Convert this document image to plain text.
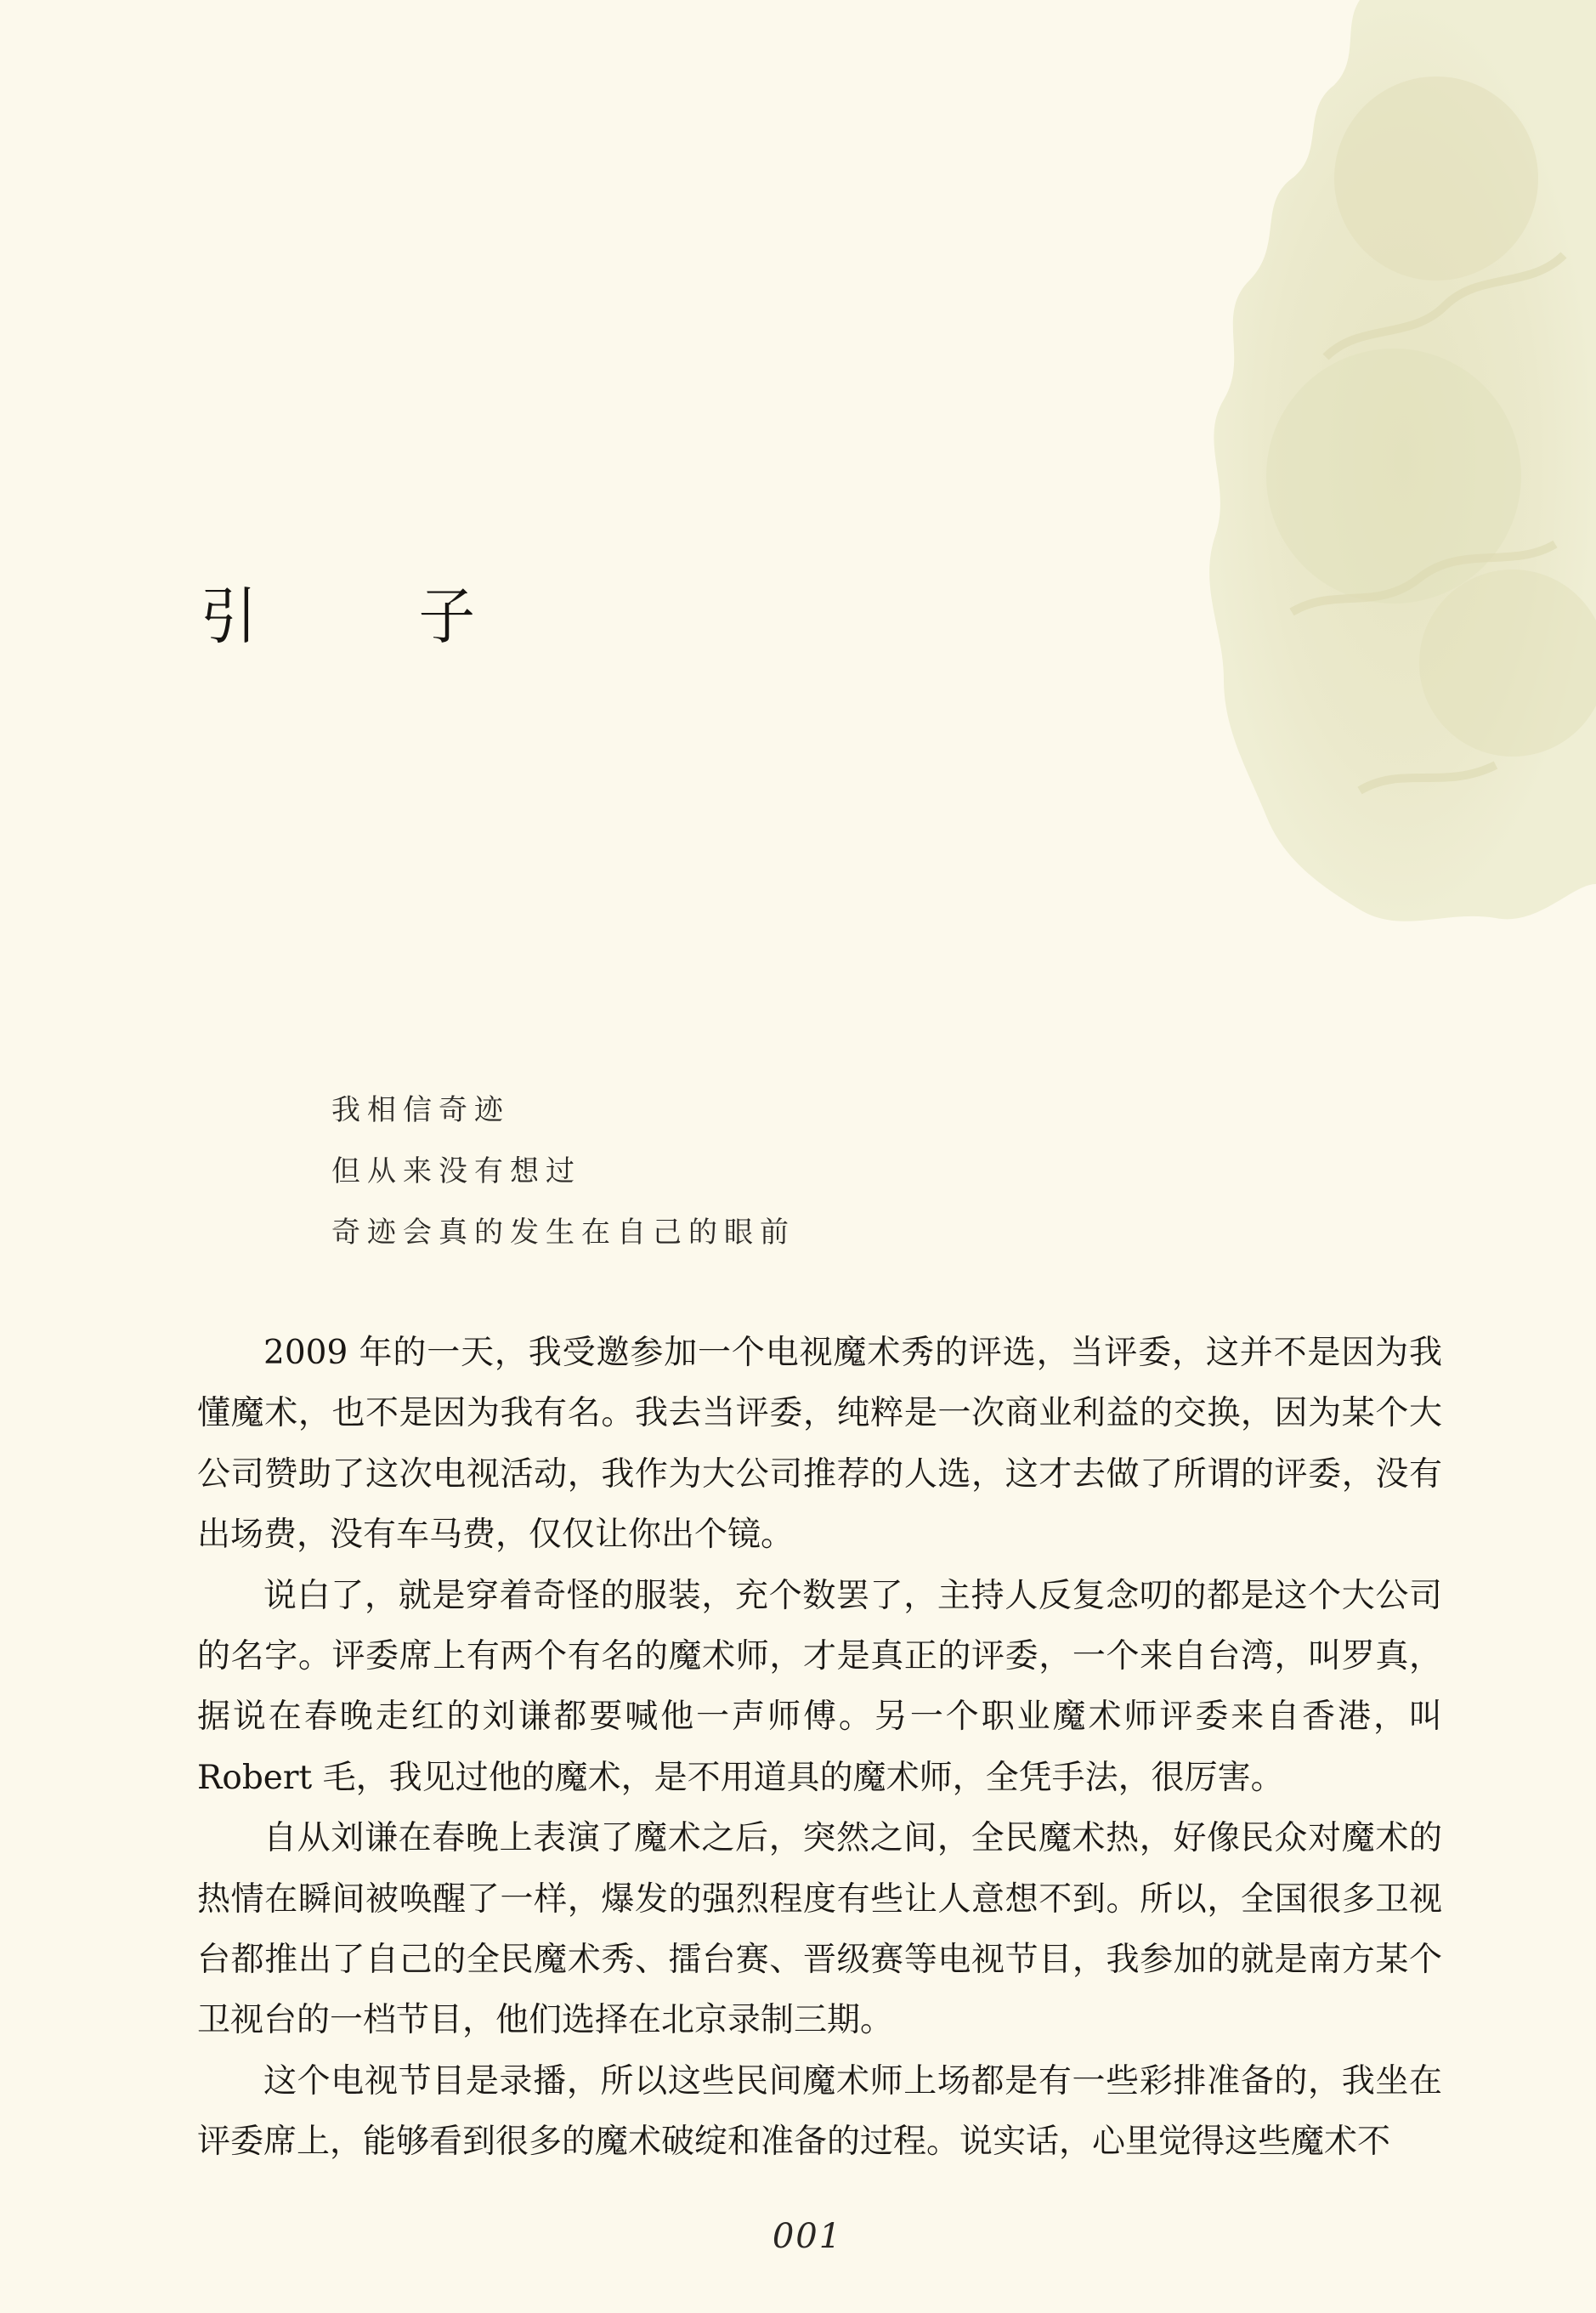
引 子
我相信奇迹
但从来没有想过
奇迹会真的发生在自己的眼前

2009 年的一天，我受邀参加一个电视魔术秀的评选，当评委，这并不是因为我懂魔术，也不是因为我有名。我去当评委，纯粹是一次商业利益的交换，因为某个大公司赞助了这次电视活动，我作为大公司推荐的人选，这才去做了所谓的评委，没有出场费，没有车马费，仅仅让你出个镜。

说白了，就是穿着奇怪的服装，充个数罢了，主持人反复念叨的都是这个大公司的名字。评委席上有两个有名的魔术师，才是真正的评委，一个来自台湾，叫罗真，据说在春晚走红的刘谦都要喊他一声师傅。另一个职业魔术师评委来自香港，叫 Robert 毛，我见过他的魔术，是不用道具的魔术师，全凭手法，很厉害。

自从刘谦在春晚上表演了魔术之后，突然之间，全民魔术热，好像民众对魔术的热情在瞬间被唤醒了一样，爆发的强烈程度有些让人意想不到。所以，全国很多卫视台都推出了自己的全民魔术秀、擂台赛、晋级赛等电视节目，我参加的就是南方某个卫视台的一档节目，他们选择在北京录制三期。

这个电视节目是录播，所以这些民间魔术师上场都是有一些彩排准备的，我坐在评委席上，能够看到很多的魔术破绽和准备的过程。说实话，心里觉得这些魔术不

001
